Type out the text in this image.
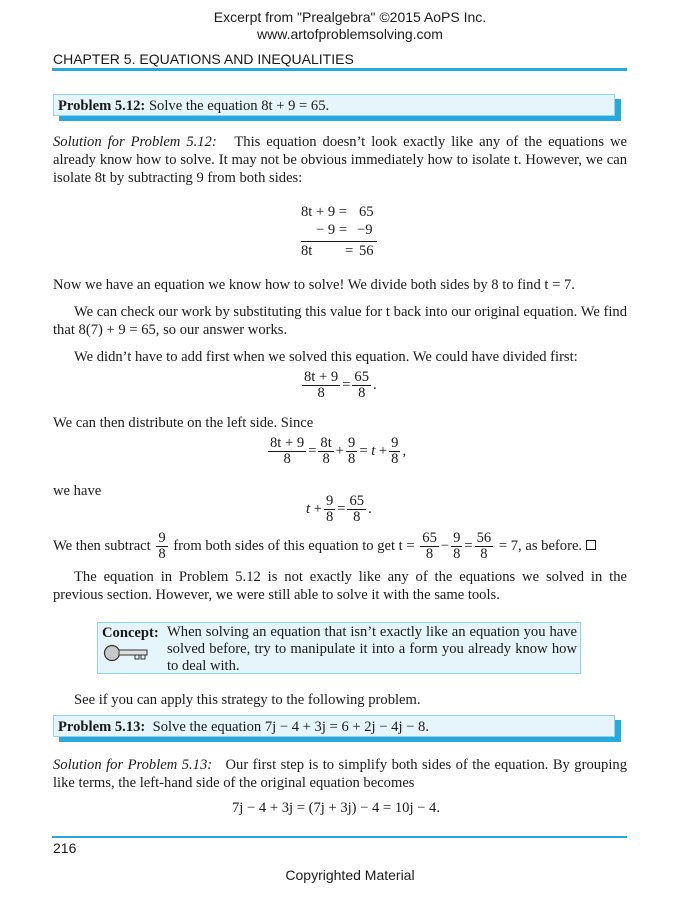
Excerpt from "Prealgebra" ©2015 AoPS Inc.
www.artofproblemsolving.com
CHAPTER 5. EQUATIONS AND INEQUALITIES
Problem 5.12: Solve the equation 8t + 9 = 65.
Solution for Problem 5.12: This equation doesn’t look exactly like any of the equations we already know how to solve. It may not be obvious immediately how to isolate t. However, we can isolate 8t by subtracting 9 from both sides:
8t + 9 = 65
− 9 = −9
8t = 56
Now we have an equation we know how to solve! We divide both sides by 8 to find t = 7.
We can check our work by substituting this value for t back into our original equation. We find that 8(7) + 9 = 65, so our answer works.
We didn’t have to add first when we solved this equation. We could have divided first:
$\frac{8t + 9}{8} = \frac{65}{8}$ .
We can then distribute on the left side. Since
$\frac{8t + 9}{8} = \frac{8t}{8} + \frac{9}{8} = t + \frac{9}{8}$ ,
we have
$t + \frac{9}{8} = \frac{65}{8}$ .
We then subtract $\frac{9}{8}$ from both sides of this equation to get $t = \frac{65}{8} - \frac{9}{8} = \frac{56}{8} = 7$, as before.
The equation in Problem 5.12 is not exactly like any of the equations we solved in the previous section. However, we were still able to solve it with the same tools.
Concept: When solving an equation that isn’t exactly like an equation you have solved before, try to manipulate it into a form you already know how to deal with.
See if you can apply this strategy to the following problem.
Problem 5.13: Solve the equation 7j − 4 + 3j = 6 + 2j − 4j − 8.
Solution for Problem 5.13: Our first step is to simplify both sides of the equation. By grouping like terms, the left-hand side of the original equation becomes
7j − 4 + 3j = (7j + 3j) − 4 = 10j − 4.
216
Copyrighted Material
